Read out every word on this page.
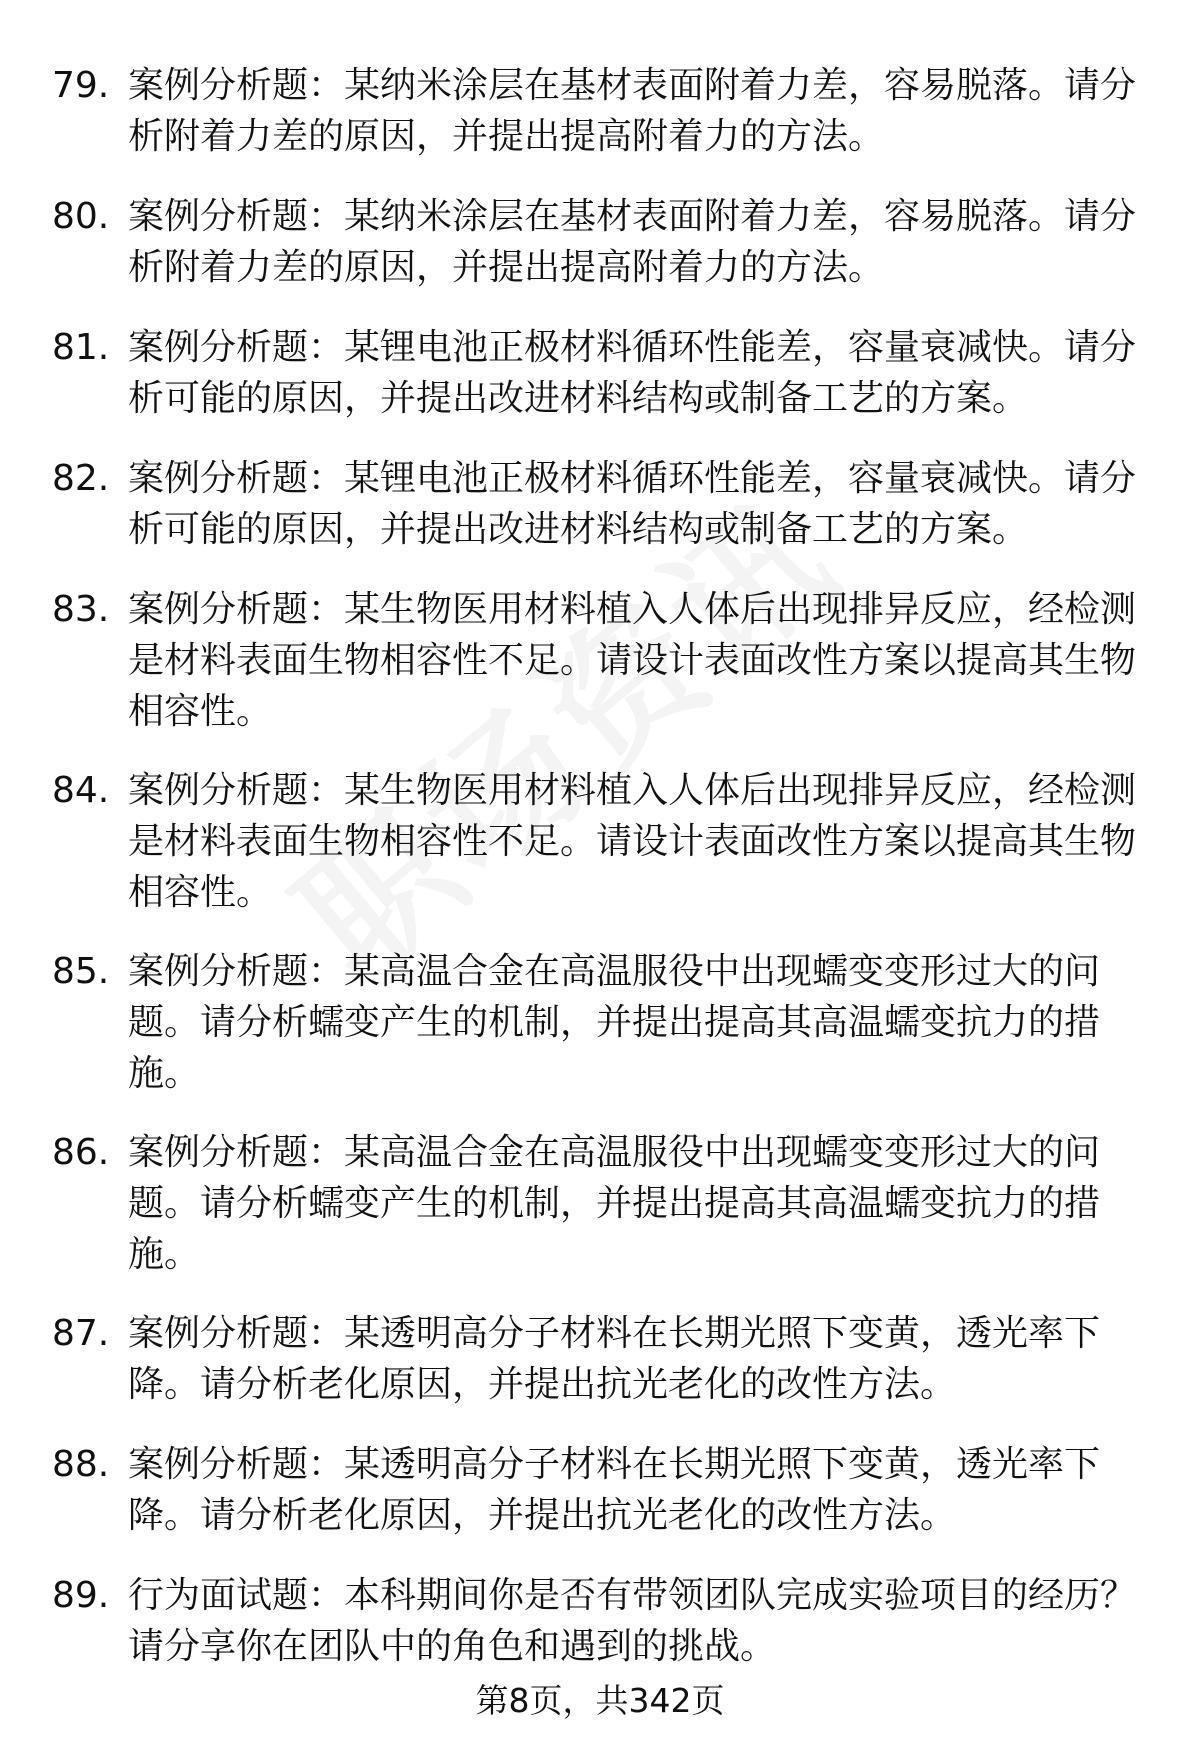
79. 案例分析题：某纳米涂层在基材表面附着力差，容易脱落。请分析附着力差的原因，并提出提高附着力的方法。
80. 案例分析题：某纳米涂层在基材表面附着力差，容易脱落。请分析附着力差的原因，并提出提高附着力的方法。
81. 案例分析题：某锂电池正极材料循环性能差，容量衰减快。请分析可能的原因，并提出改进材料结构或制备工艺的方案。
82. 案例分析题：某锂电池正极材料循环性能差，容量衰减快。请分析可能的原因，并提出改进材料结构或制备工艺的方案。
83. 案例分析题：某生物医用材料植入人体后出现排异反应，经检测是材料表面生物相容性不足。请设计表面改性方案以提高其生物相容性。
84. 案例分析题：某生物医用材料植入人体后出现排异反应，经检测是材料表面生物相容性不足。请设计表面改性方案以提高其生物相容性。
85. 案例分析题：某高温合金在高温服役中出现蠕变变形过大的问题。请分析蠕变产生的机制，并提出提高其高温蠕变抗力的措施。
86. 案例分析题：某高温合金在高温服役中出现蠕变变形过大的问题。请分析蠕变产生的机制，并提出提高其高温蠕变抗力的措施。
87. 案例分析题：某透明高分子材料在长期光照下变黄，透光率下降。请分析老化原因，并提出抗光老化的改性方法。
88. 案例分析题：某透明高分子材料在长期光照下变黄，透光率下降。请分析老化原因，并提出抗光老化的改性方法。
89. 行为面试题：本科期间你是否有带领团队完成实验项目的经历？请分享你在团队中的角色和遇到的挑战。
第8页，共342页
